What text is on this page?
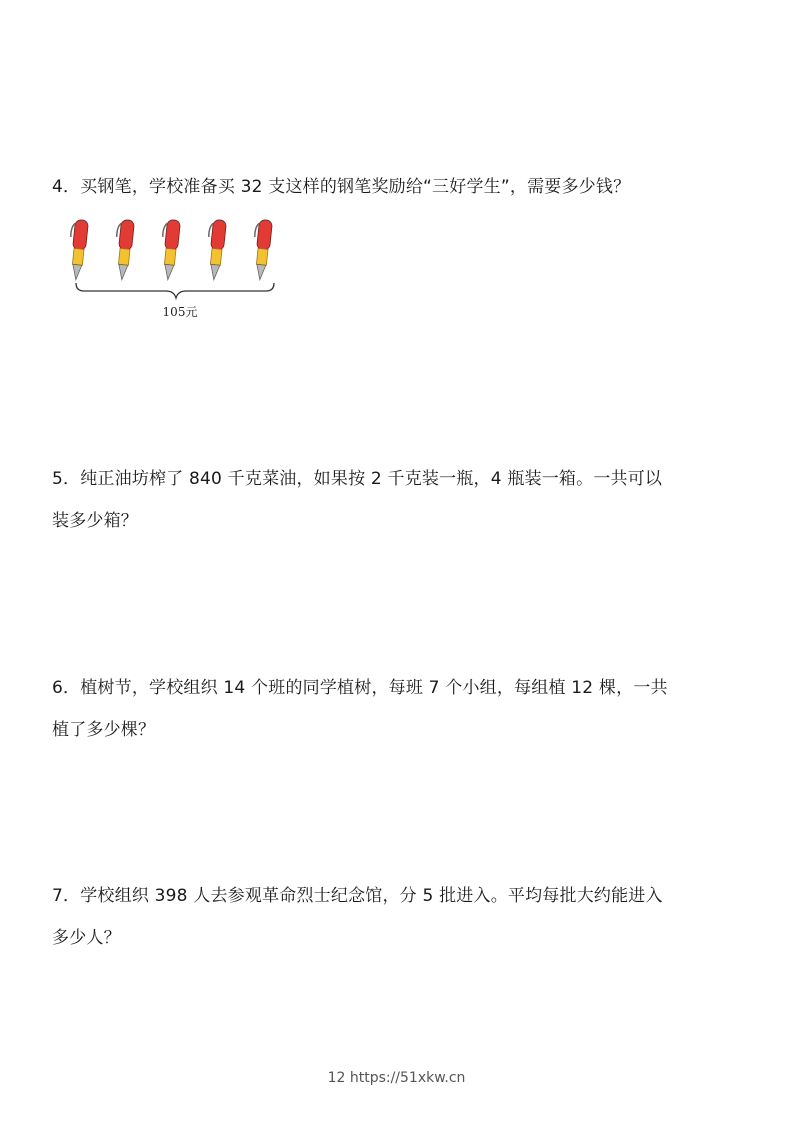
4．买钢笔，学校准备买 32 支这样的钢笔奖励给“三好学生”，需要多少钱？

105元

5．纯正油坊榨了 840 千克菜油，如果按 2 千克装一瓶，4 瓶装一箱。一共可以

装多少箱？

6．植树节，学校组织 14 个班的同学植树，每班 7 个小组，每组植 12 棵，一共

植了多少棵？

7．学校组织 398 人去参观革命烈士纪念馆，分 5 批进入。平均每批大约能进入

多少人？

12 https://51xkw.cn
